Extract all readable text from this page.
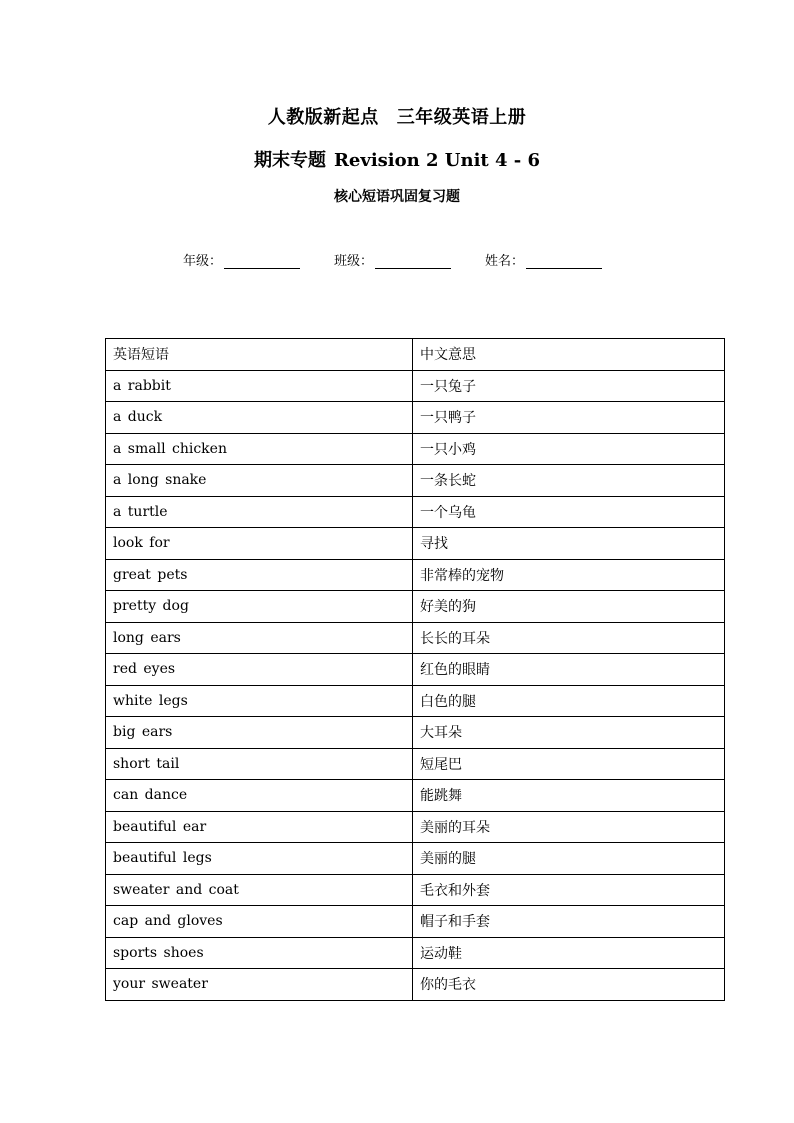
人教版新起点 三年级英语上册
期末专题 Revision 2 Unit 4 - 6
核心短语巩固复习题
年级：	班级：	姓名：
英语短语	中文意思
a rabbit	一只兔子
a duck	一只鸭子
a small chicken	一只小鸡
a long snake	一条长蛇
a turtle	一个乌龟
look for	寻找
great pets	非常棒的宠物
pretty dog	好美的狗
long ears	长长的耳朵
red eyes	红色的眼睛
white legs	白色的腿
big ears	大耳朵
short tail	短尾巴
can dance	能跳舞
beautiful ear	美丽的耳朵
beautiful legs	美丽的腿
sweater and coat	毛衣和外套
cap and gloves	帽子和手套
sports shoes	运动鞋
your sweater	你的毛衣
